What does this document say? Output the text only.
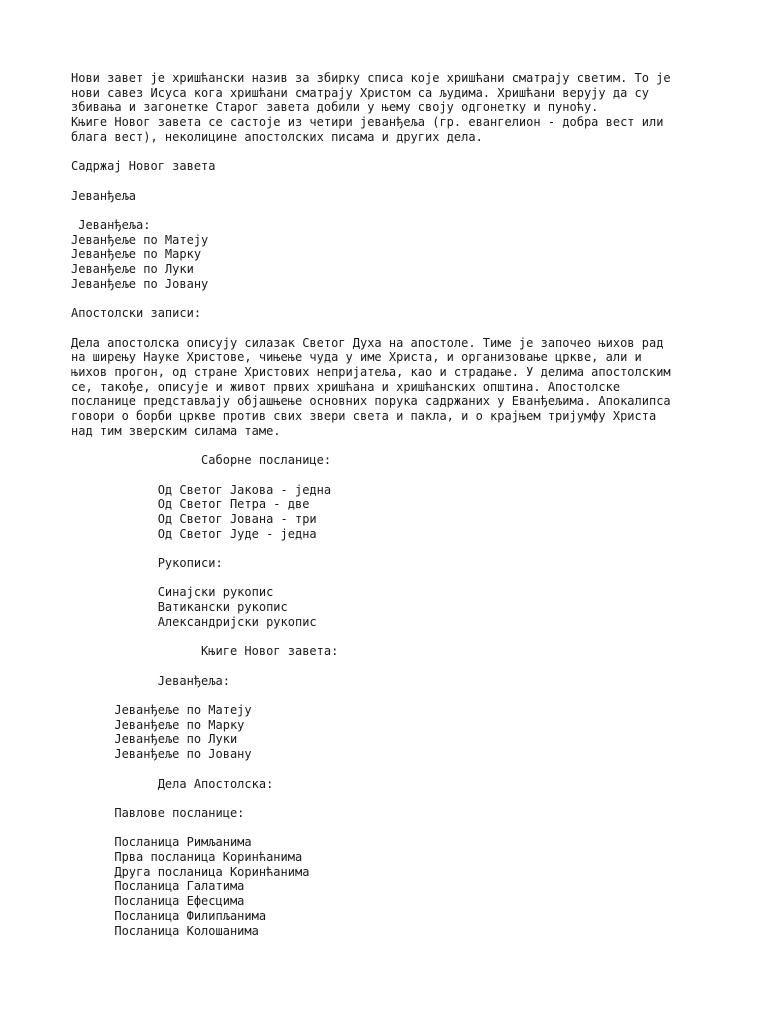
Нови завет је хришћански назив за збирку списа које хришћани сматрају светим. То је
нови савез Исуса кога хришћани сматрају Христом са људима. Хришћани верују да су
збивања и загонетке Старог завета добили у њему своју одгонетку и пуноћу.
Књиге Новог завета се састоје из четири јеванђеља (гр. евангелион - добра вест или
блага вест), неколицине апостолских писама и других дела.
Садржај Новог завета
Јеванђеља
Јеванђеља:
Јеванђеље по Матеју
Јеванђеље по Марку
Јеванђеље по Луки
Јеванђеље по Јовану
Апостолски записи:
Дела апостолска описују силазак Светог Духа на апостоле. Тиме је започео њихов рад
на ширењу Науке Христове, чињење чуда у име Христа, и организовање цркве, али и
њихов прогон, од стране Христових непријатеља, као и страдање. У делима апостолским
се, такође, описује и живот првих хришћана и хришћанских општина. Апостолске
посланице представљају објашњење основних порука садржаних у Еванђељима. Апокалипса
говори о борби цркве против свих звери света и пакла, и о крајњем тријумфу Христа
над тим зверским силама таме.
Саборне посланице:
Од Светог Јакова - једна
Од Светог Петра - две
Од Светог Јована - три
Од Светог Јуде - једна
Рукописи:
Синајски рукопис
Ватикански рукопис
Александријски рукопис
Књиге Новог завета:
Јеванђеља:
Јеванђеље по Матеју
Јеванђеље по Марку
Јеванђеље по Луки
Јеванђеље по Јовану
Дела Апостолска:
Павлове посланице:
Посланица Римљанима
Прва посланица Коринћанима
Друга посланица Коринћанима
Посланица Галатима
Посланица Ефесцима
Посланица Филипљанима
Посланица Колошанима
